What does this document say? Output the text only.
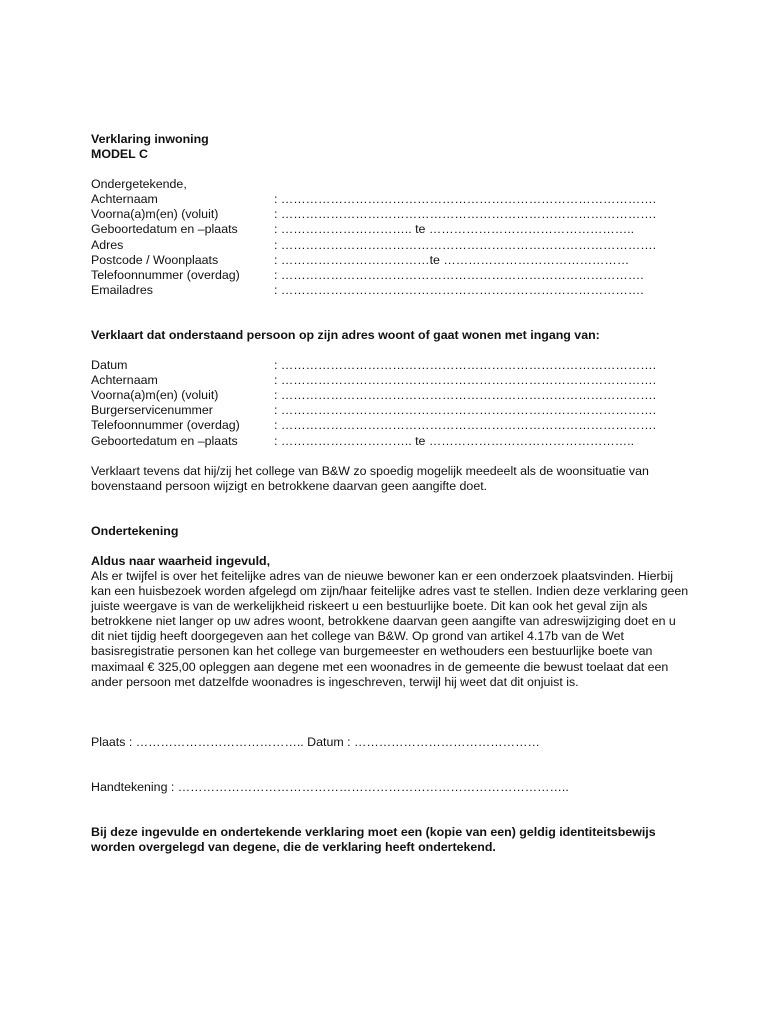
Verklaring inwoning
MODEL C
Ondergetekende,
Achternaam	: ……………………………………………………………………………….
Voorna(a)m(en) (voluit)	: ……………………………………………………………………………….
Geboortedatum en –plaats	: ………………………….. te …………………………………………..
Adres	: ……………………………………………………………………………….
Postcode / Woonplaats	: ………………………………te ………………………………………
Telefoonnummer (overdag)	: …………………………………………………………………………….
Emailadres	: …………………………………………………………………………….
Verklaart dat onderstaand persoon op zijn adres woont of gaat wonen met ingang van:
Datum	: ……………………………………………………………………………….
Achternaam	: ……………………………………………………………………………….
Voorna(a)m(en) (voluit)	: ……………………………………………………………………………….
Burgerservicenummer	: ……………………………………………………………………………….
Telefoonnummer (overdag)	: ……………………………………………………………………………….
Geboortedatum en –plaats	: ………………………….. te …………………………………………..

Verklaart tevens dat hij/zij het college van B&W zo spoedig mogelijk meedeelt als de woonsituatie van bovenstaand persoon wijzigt en betrokkene daarvan geen aangifte doet.

Ondertekening
Aldus naar waarheid ingevuld,

Als er twijfel is over het feitelijke adres van de nieuwe bewoner kan er een onderzoek plaatsvinden. Hierbij kan een huisbezoek worden afgelegd om zijn/haar feitelijke adres vast te stellen. Indien deze verklaring geen juiste weergave is van de werkelijkheid riskeert u een bestuurlijke boete. Dit kan ook het geval zijn als betrokkene niet langer op uw adres woont, betrokkene daarvan geen aangifte van adreswijziging doet en u dit niet tijdig heeft doorgegeven aan het college van B&W. Op grond van artikel 4.17b van de Wet basisregistratie personen kan het college van burgemeester en wethouders een bestuurlijke boete van maximaal € 325,00 opleggen aan degene met een woonadres in de gemeente die bewust toelaat dat een ander persoon met datzelfde woonadres is ingeschreven, terwijl hij weet dat dit onjuist is.

Plaats : ………………………………….. Datum : ………………………………………
Handtekening : …………………………………………………………………………………..

Bij deze ingevulde en ondertekende verklaring moet een (kopie van een) geldig identiteitsbewijs worden overgelegd van degene, die de verklaring heeft ondertekend.
